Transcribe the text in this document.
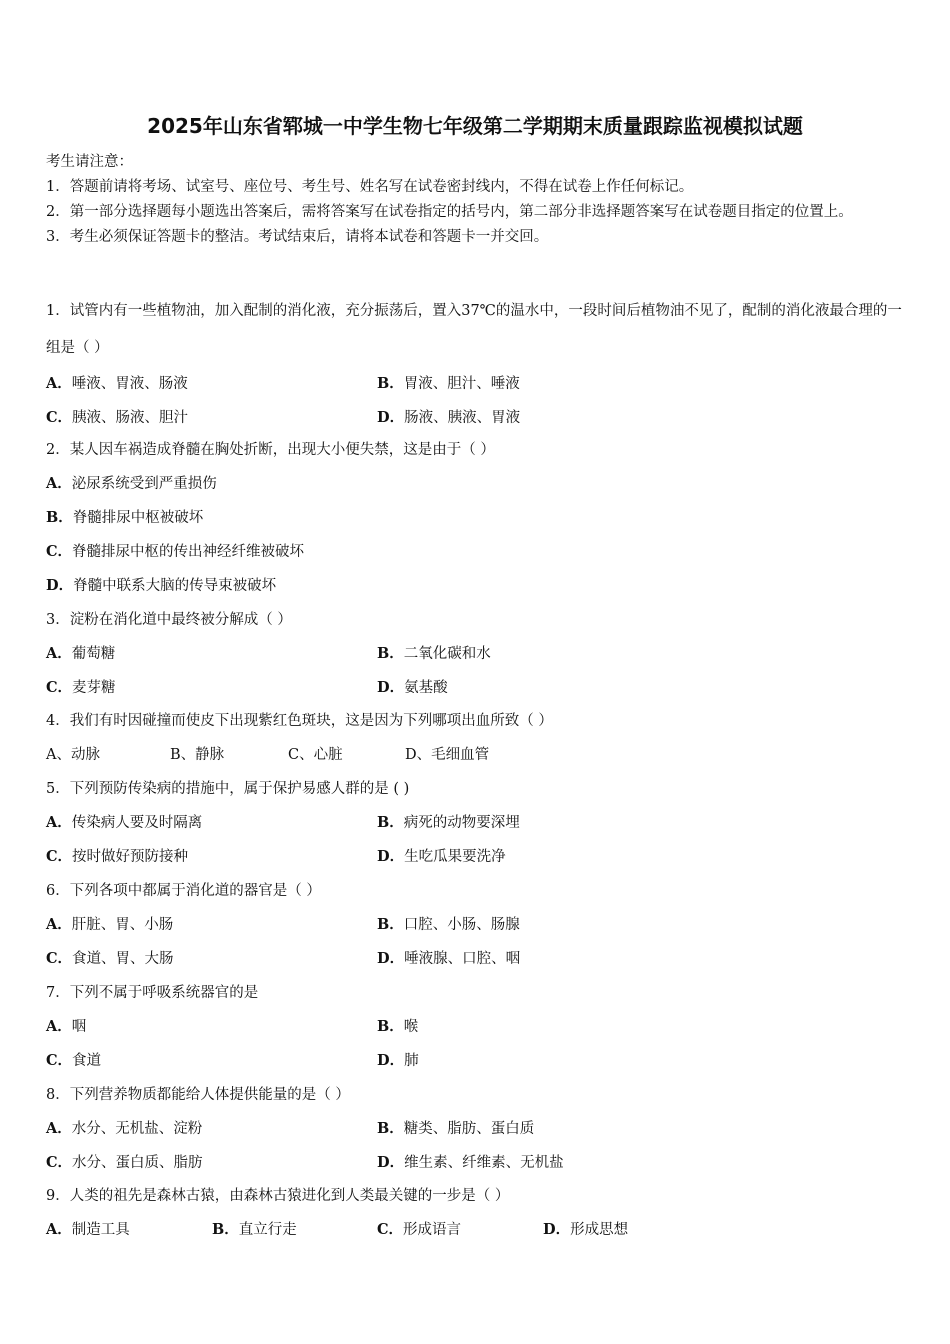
2025年山东省郓城一中学生物七年级第二学期期末质量跟踪监视模拟试题

考生请注意：

1．答题前请将考场、试室号、座位号、考生号、姓名写在试卷密封线内，不得在试卷上作任何标记。

2．第一部分选择题每小题选出答案后，需将答案写在试卷指定的括号内，第二部分非选择题答案写在试卷题目指定的位置上。

3．考生必须保证答题卡的整洁。考试结束后，请将本试卷和答题卡一并交回。

1．试管内有一些植物油，加入配制的消化液，充分振荡后，置入37℃的温水中，一段时间后植物油不见了，配制的消化液最合理的一组是（ ）

A．唾液、胃液、肠液	B．胃液、胆汁、唾液
C．胰液、肠液、胆汁	D．肠液、胰液、胃液

2．某人因车祸造成脊髓在胸处折断，出现大小便失禁，这是由于（ ）

A．泌尿系统受到严重损伤

B．脊髓排尿中枢被破坏

C．脊髓排尿中枢的传出神经纤维被破坏

D．脊髓中联系大脑的传导束被破坏

3．淀粉在消化道中最终被分解成（ ）

A．葡萄糖	B．二氧化碳和水
C．麦芽糖	D．氨基酸

4．我们有时因碰撞而使皮下出现紫红色斑块，这是因为下列哪项出血所致（ ）

A、动脉	B、静脉	C、心脏	D、毛细血管

5．下列预防传染病的措施中，属于保护易感人群的是 ( )

A．传染病人要及时隔离	B．病死的动物要深埋
C．按时做好预防接种	D．生吃瓜果要洗净

6．下列各项中都属于消化道的器官是（ ）

A．肝脏、胃、小肠	B．口腔、小肠、肠腺
C．食道、胃、大肠	D．唾液腺、口腔、咽

7．下列不属于呼吸系统器官的是

A．咽	B．喉
C．食道	D．肺

8．下列营养物质都能给人体提供能量的是（ ）

A．水分、无机盐、淀粉	B．糖类、脂肪、蛋白质
C．水分、蛋白质、脂肪	D．维生素、纤维素、无机盐

9．人类的祖先是森林古猿，由森林古猿进化到人类最关键的一步是（ ）

A．制造工具	B．直立行走	C．形成语言	D．形成思想
